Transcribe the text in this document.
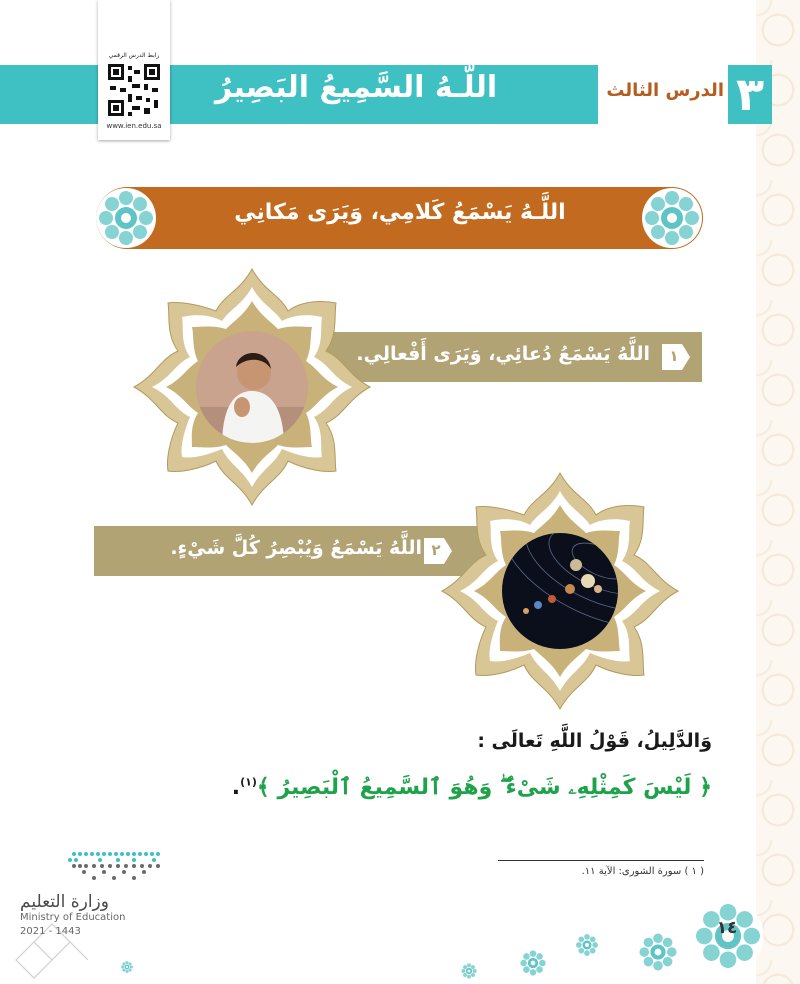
الدرس الثالث ٣
اللَّـهُ السَّمِيعُ البَصِيرُ
رابط الدرس الرقمي
www.ien.edu.sa
اللَّـهُ يَسْمَعُ كَلامِي، وَيَرَى مَكانِي
اللَّهُ يَسْمَعُ دُعائِي، وَيَرَى أَفْعالِي. ١
اللَّهُ يَسْمَعُ وَيُبْصِرُ كُلَّ شَيْءٍ. ٢
وَالدَّلِيلُ، قَوْلُ اللَّهِ تَعالَى :
﴿ لَيْسَ كَمِثْلِهِۦ شَىْءٌ ۖ وَهُوَ ٱلسَّمِيعُ ٱلْبَصِيرُ ﴾$^{(١)}$.
( ١ ) سورة الشورى: الآية ١١.
وزارة التعليم
Ministry of Education
2021 - 1443	١٤
